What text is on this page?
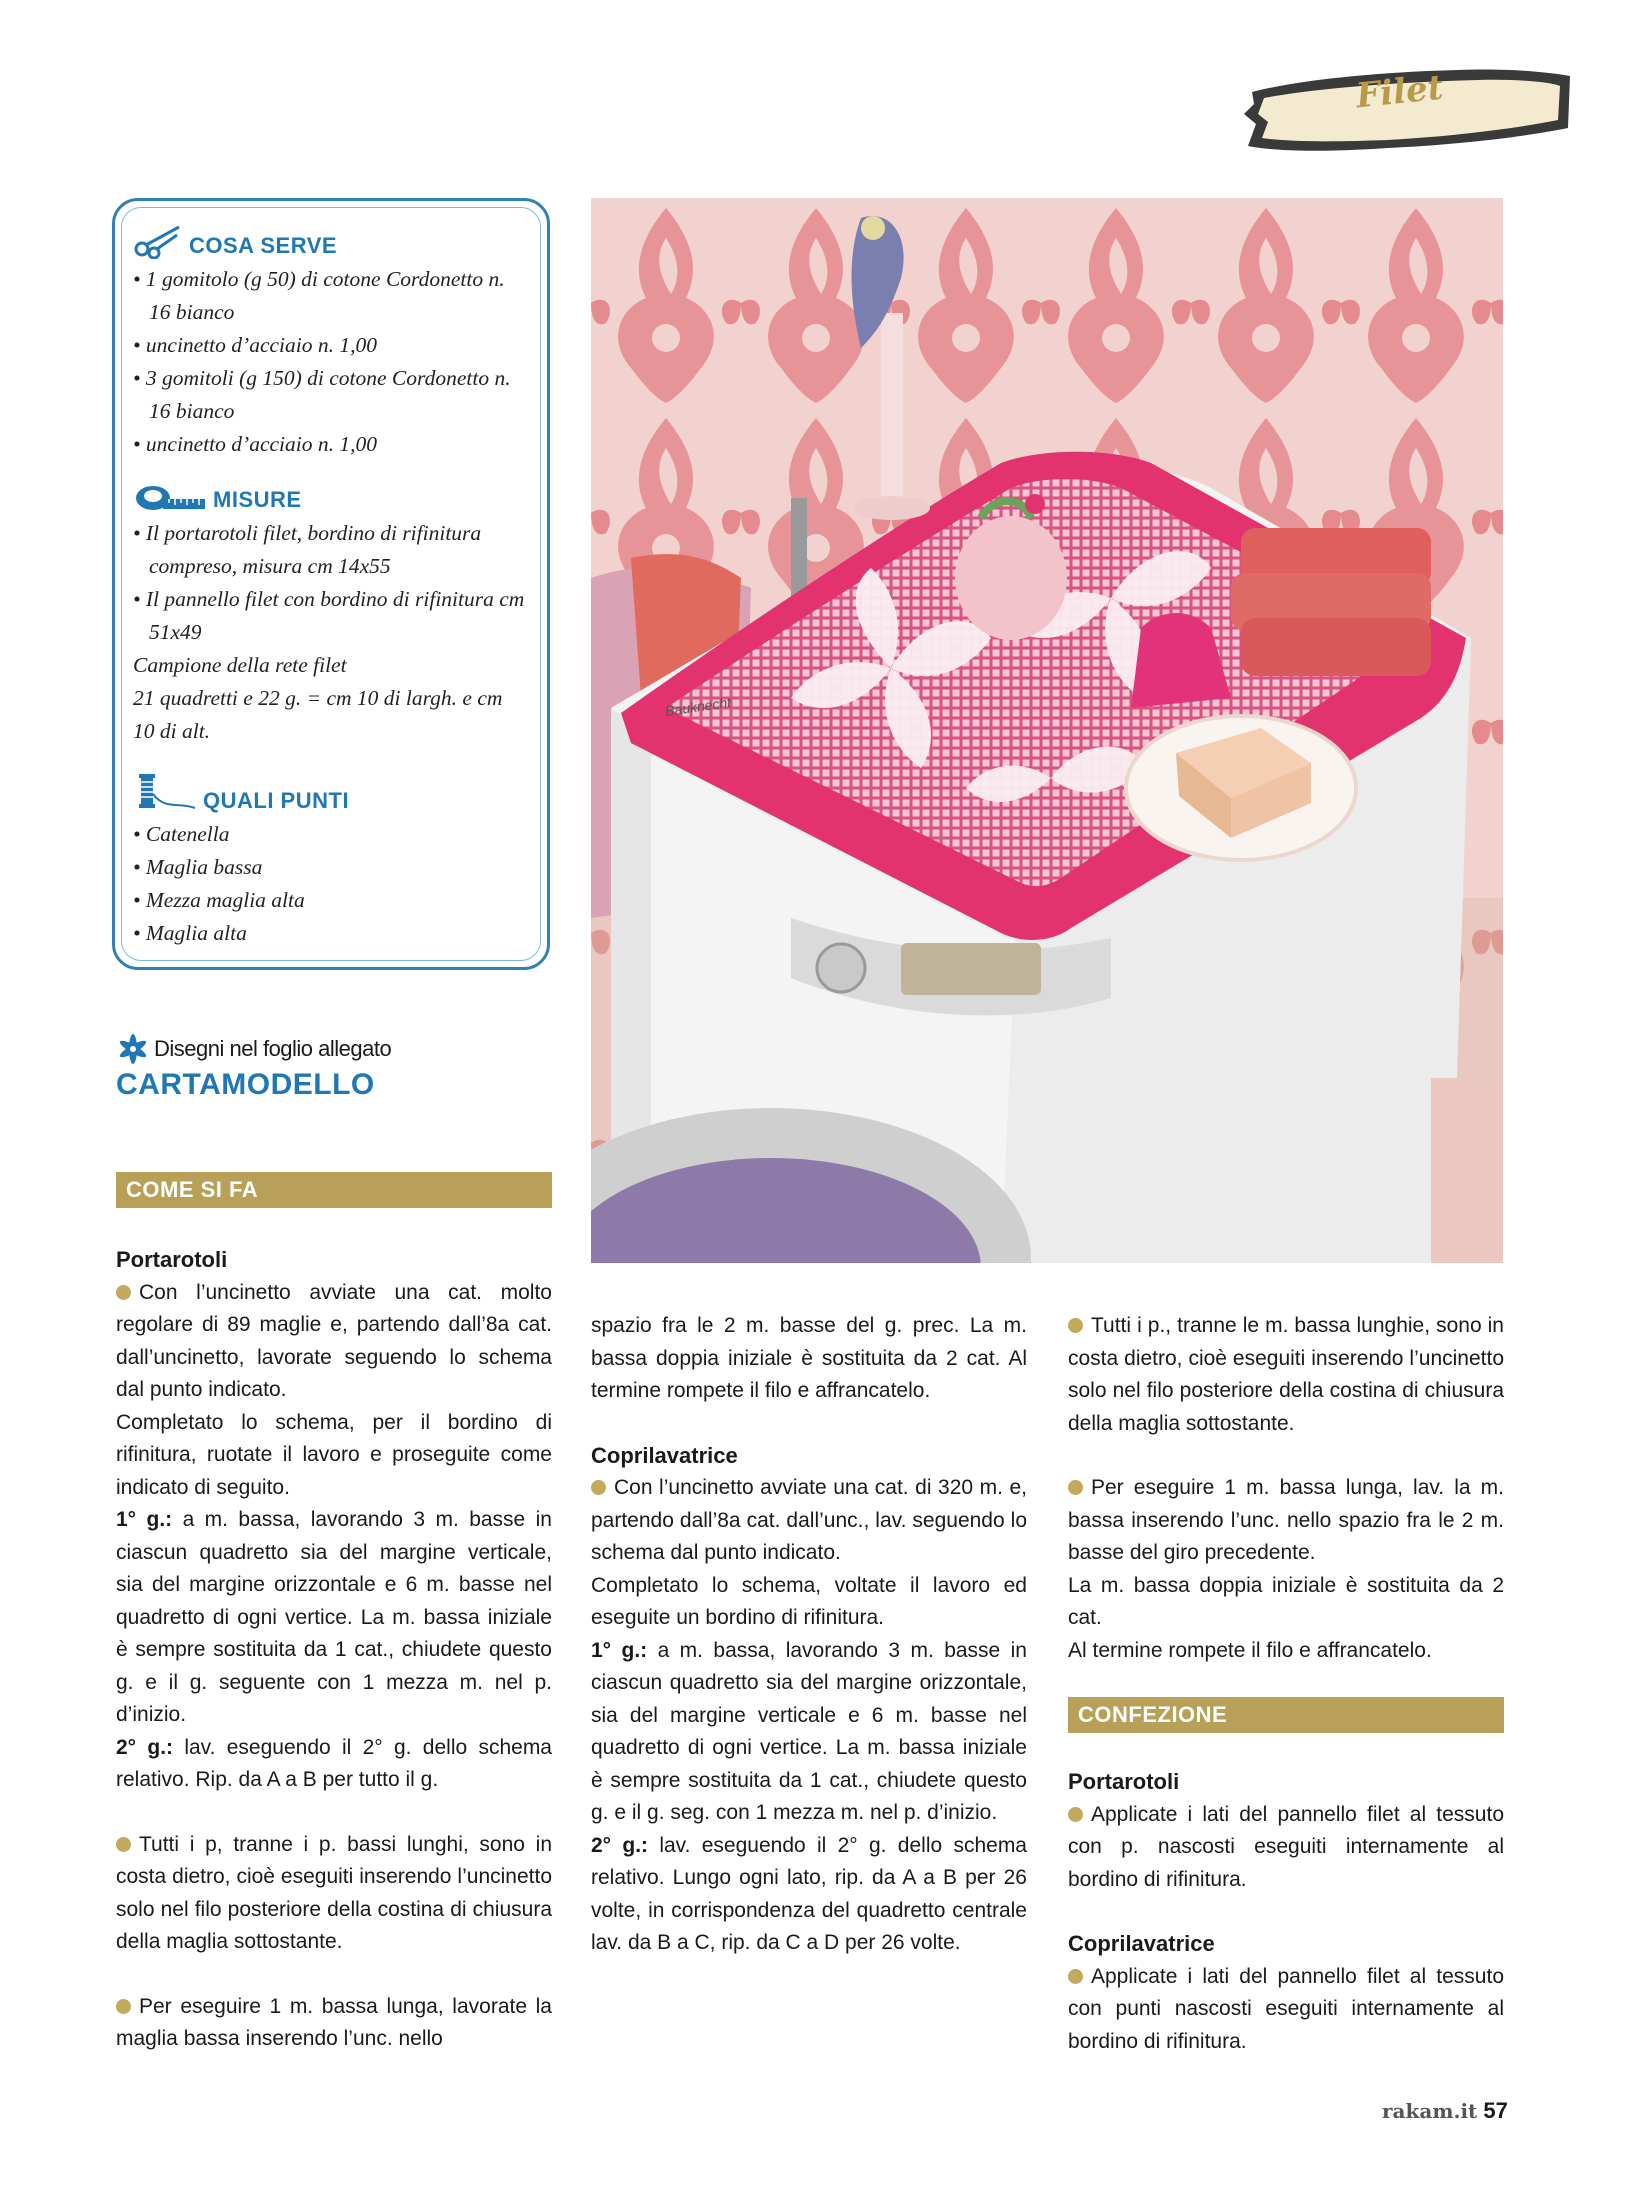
Filet
COSA SERVE
• 1 gomitolo (g 50) di cotone Cordonetto n. 16 bianco
• uncinetto d’acciaio n. 1,00
• 3 gomitoli (g 150) di cotone Cordonetto n. 16 bianco
• uncinetto d’acciaio n. 1,00
MISURE
• Il portarotoli filet, bordino di rifinitura compreso, misura cm 14x55
• Il pannello filet con bordino di rifinitura cm 51x49
Campione della rete filet
21 quadretti e 22 g. = cm 10 di largh. e cm 10 di alt.
QUALI PUNTI
• Catenella
• Maglia bassa
• Mezza maglia alta
• Maglia alta
Disegni nel foglio allegato
CARTAMODELLO
COME SI FA
Bauknecht

Portarotoli

Con l’uncinetto avviate una cat. molto regolare di 89 maglie e, partendo dall’8a cat. dall’uncinetto, lavorate seguendo lo schema dal punto indicato.

Completato lo schema, per il bordino di rifinitura, ruotate il lavoro e proseguite come indicato di seguito.

1° g.: a m. bassa, lavorando 3 m. basse in ciascun quadretto sia del margine verticale, sia del margine orizzontale e 6 m. basse nel quadretto di ogni vertice. La m. bassa iniziale è sempre sostituita da 1 cat., chiudete questo g. e il g. seguente con 1 mezza m. nel p. d’inizio.

2° g.: lav. eseguendo il 2° g. dello schema relativo. Rip. da A a B per tutto il g.

Tutti i p, tranne i p. bassi lunghi, sono in costa dietro, cioè eseguiti inserendo l’uncinetto solo nel filo posteriore della costina di chiusura della maglia sottostante.

Per eseguire 1 m. bassa lunga, lavorate la maglia bassa inserendo l’unc. nello

spazio fra le 2 m. basse del g. prec. La m. bassa doppia iniziale è sostituita da 2 cat. Al termine rompete il filo e affrancatelo.

Coprilavatrice

Con l’uncinetto avviate una cat. di 320 m. e, partendo dall’8a cat. dall’unc., lav. seguendo lo schema dal punto indicato.

Completato lo schema, voltate il lavoro ed eseguite un bordino di rifinitura.

1° g.: a m. bassa, lavorando 3 m. basse in ciascun quadretto sia del margine orizzontale, sia del margine verticale e 6 m. basse nel quadretto di ogni vertice. La m. bassa iniziale è sempre sostituita da 1 cat., chiudete questo g. e il g. seg. con 1 mezza m. nel p. d’inizio.

2° g.: lav. eseguendo il 2° g. dello schema relativo. Lungo ogni lato, rip. da A a B per 26 volte, in corrispondenza del quadretto centrale lav. da B a C, rip. da C a D per 26 volte.

Tutti i p., tranne le m. bassa lunghie, sono in costa dietro, cioè eseguiti inserendo l’uncinetto solo nel filo posteriore della costina di chiusura della maglia sottostante.

Per eseguire 1 m. bassa lunga, lav. la m. bassa inserendo l’unc. nello spazio fra le 2 m. basse del giro precedente.

La m. bassa doppia iniziale è sostituita da 2 cat.

Al termine rompete il filo e affrancatelo.

CONFEZIONE

Portarotoli

Applicate i lati del pannello filet al tessuto con p. nascosti eseguiti internamente al bordino di rifinitura.

Coprilavatrice

Applicate i lati del pannello filet al tessuto con punti nascosti eseguiti internamente al bordino di rifinitura.

rakam.it 57
